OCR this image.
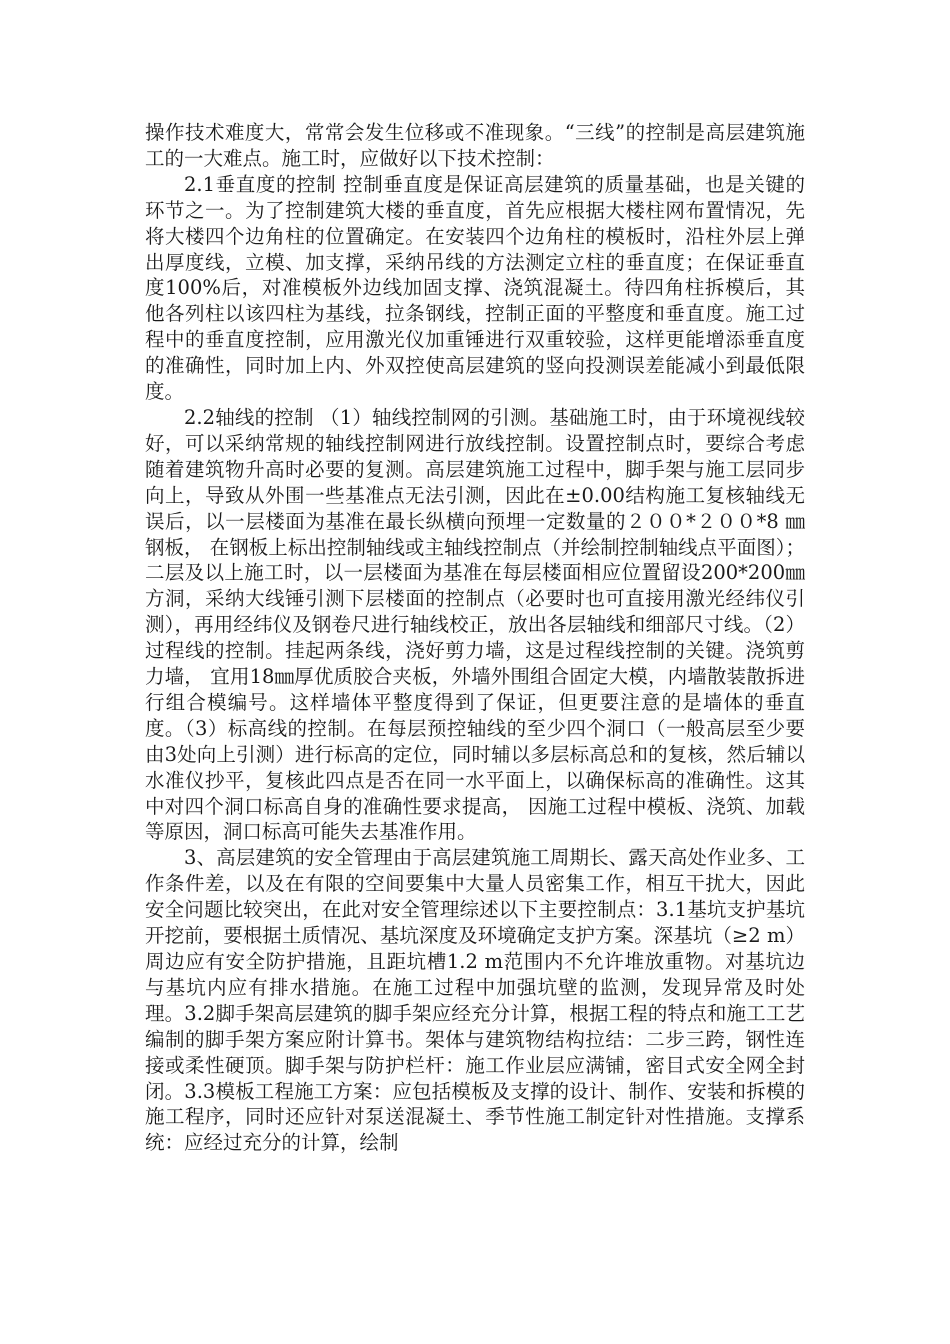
操作技术难度大，常常会发生位移或不准现象。“三线”的控制是高层建筑施工的一大难点。施工时，应做好以下技术控制：

2.1垂直度的控制 控制垂直度是保证高层建筑的质量基础，也是关键的环节之一。为了控制建筑大楼的垂直度，首先应根据大楼柱网布置情况，先将大楼四个边角柱的位置确定。在安装四个边角柱的模板时，沿柱外层上弹出厚度线，立模、加支撑，采纳吊线的方法测定立柱的垂直度；在保证垂直度100%后，对准模板外边线加固支撑、浇筑混凝土。待四角柱拆模后，其他各列柱以该四柱为基线，拉条钢线，控制正面的平整度和垂直度。施工过程中的垂直度控制，应用激光仪加重锤进行双重较验，这样更能增添垂直度的准确性，同时加上内、外双控使高层建筑的竖向投测误差能减小到最低限度。

2.2轴线的控制 （1）轴线控制网的引测。基础施工时，由于环境视线较好，可以采纳常规的轴线控制网进行放线控制。设置控制点时，要综合考虑随着建筑物升高时必要的复测。高层建筑施工过程中，脚手架与施工层同步向上，导致从外围一些基准点无法引测，因此在±0.00结构施工复核轴线无误后，以一层楼面为基准在最长纵横向预埋一定数量的２００*２００*8 ㎜钢板， 在钢板上标出控制轴线或主轴线控制点（并绘制控制轴线点平面图）；二层及以上施工时，以一层楼面为基准在每层楼面相应位置留设200*200㎜方洞，采纳大线锤引测下层楼面的控制点（必要时也可直接用激光经纬仪引测），再用经纬仪及钢卷尺进行轴线校正，放出各层轴线和细部尺寸线。（2）过程线的控制。挂起两条线，浇好剪力墙，这是过程线控制的关键。浇筑剪力墙， 宜用18㎜厚优质胶合夹板，外墙外围组合固定大模，内墙散装散拆进行组合模编号。这样墙体平整度得到了保证，但更要注意的是墙体的垂直度。（3）标高线的控制。在每层预控轴线的至少四个洞口（一般高层至少要由3处向上引测）进行标高的定位，同时辅以多层标高总和的复核，然后辅以水准仪抄平，复核此四点是否在同一水平面上，以确保标高的准确性。这其中对四个洞口标高自身的准确性要求提高， 因施工过程中模板、浇筑、加载等原因，洞口标高可能失去基准作用。

3、高层建筑的安全管理由于高层建筑施工周期长、露天高处作业多、工作条件差，以及在有限的空间要集中大量人员密集工作，相互干扰大，因此安全问题比较突出，在此对安全管理综述以下主要控制点：3.1基坑支护基坑开挖前，要根据土质情况、基坑深度及环境确定支护方案。深基坑（≥2 m）周边应有安全防护措施，且距坑槽1.2 m范围内不允许堆放重物。对基坑边与基坑内应有排水措施。在施工过程中加强坑壁的监测，发现异常及时处理。3.2脚手架高层建筑的脚手架应经充分计算，根据工程的特点和施工工艺编制的脚手架方案应附计算书。架体与建筑物结构拉结：二步三跨，钢性连接或柔性硬顶。脚手架与防护栏杆：施工作业层应满铺，密目式安全网全封闭。3.3模板工程施工方案：应包括模板及支撑的设计、制作、安装和拆模的施工程序，同时还应针对泵送混凝土、季节性施工制定针对性措施。支撑系统：应经过充分的计算，绘制
